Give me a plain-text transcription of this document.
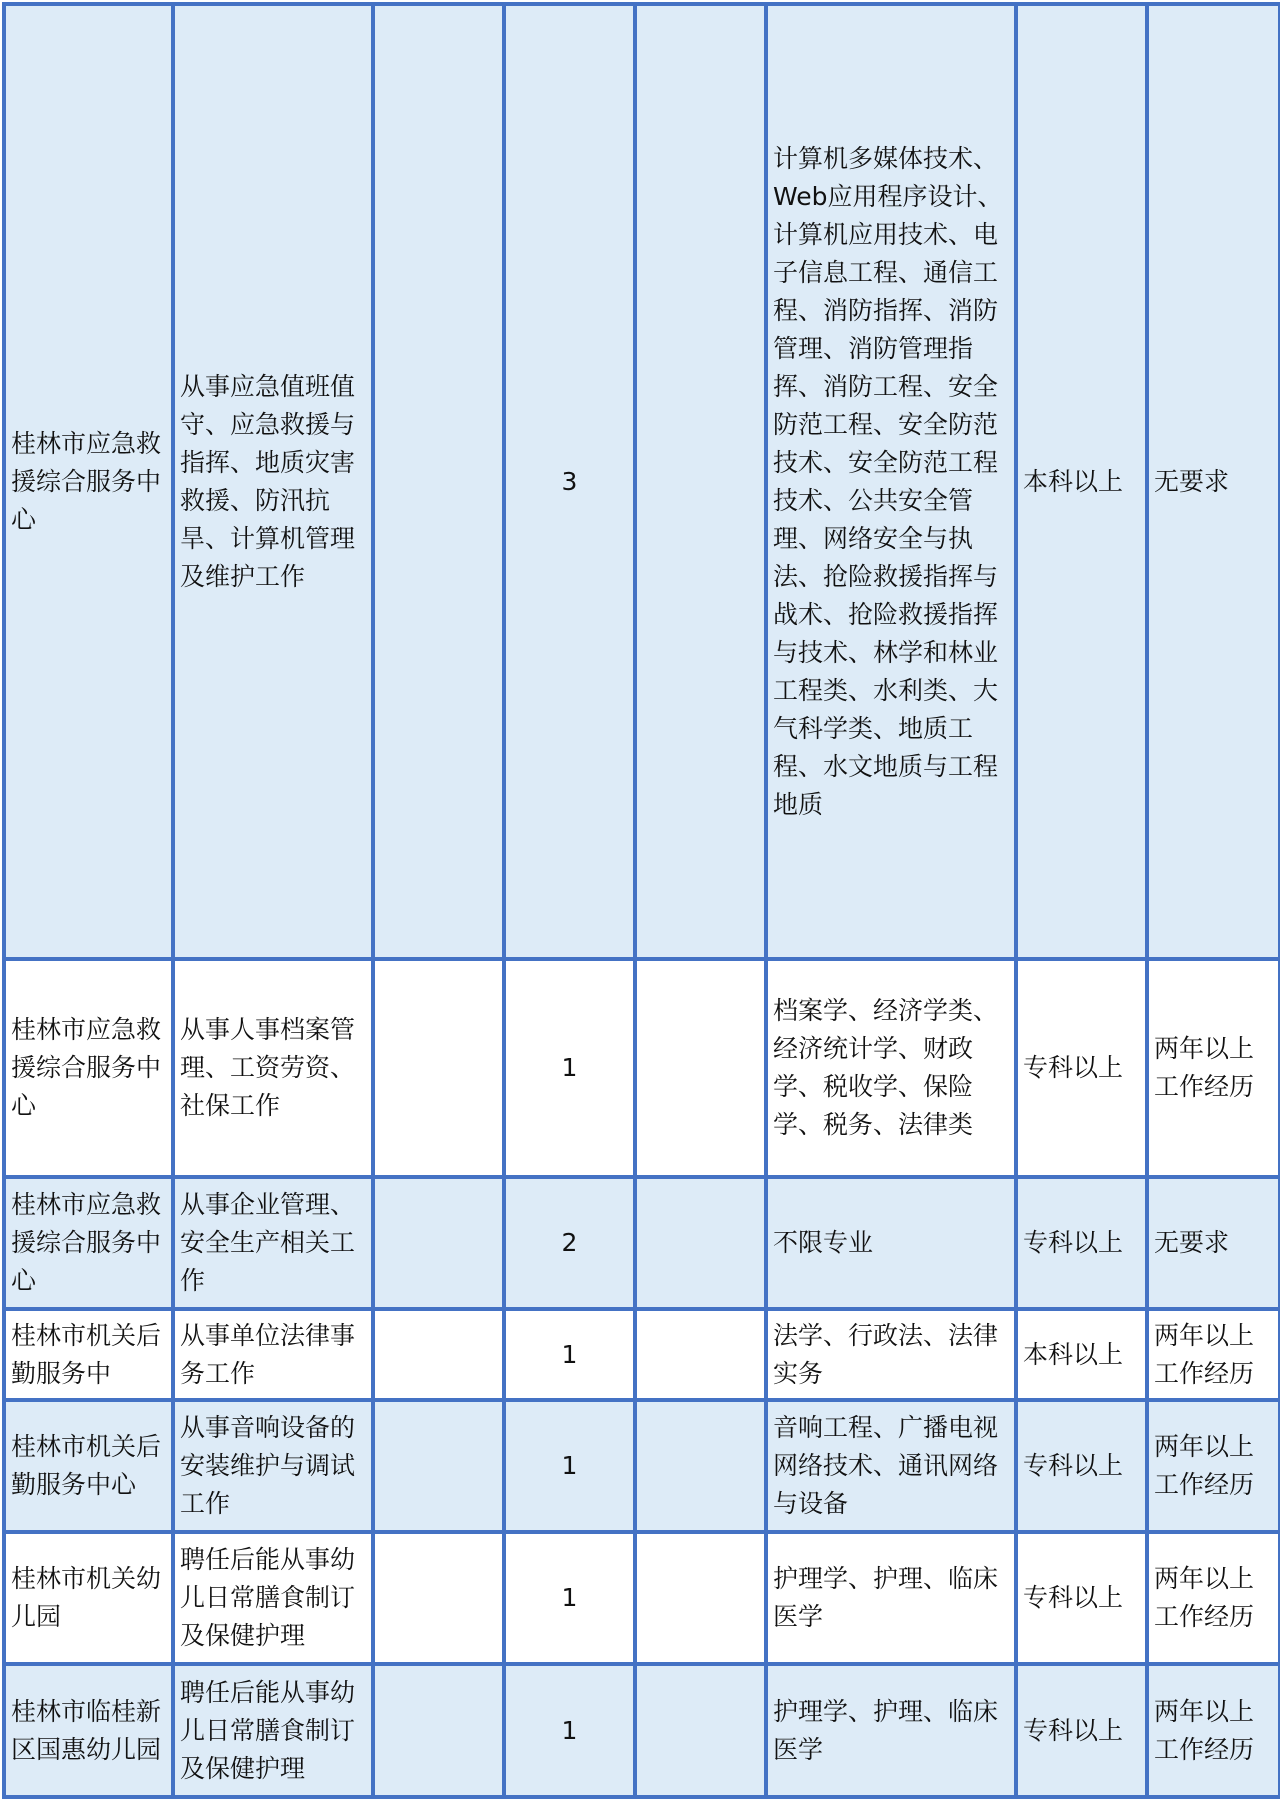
桂林市应急救援综合服务中心	从事应急值班值守、应急救援与指挥、地质灾害救援、防汛抗旱、计算机管理及维护工作		3		计算机多媒体技术、Web应用程序设计、计算机应用技术、电子信息工程、通信工程、消防指挥、消防管理、消防管理指挥、消防工程、安全防范工程、安全防范技术、安全防范工程技术、公共安全管理、网络安全与执法、抢险救援指挥与战术、抢险救援指挥与技术、林学和林业工程类、水利类、大气科学类、地质工程、水文地质与工程地质	本科以上	无要求
桂林市应急救援综合服务中心	从事人事档案管理、工资劳资、社保工作		1		档案学、经济学类、经济统计学、财政学、税收学、保险学、税务、法律类	专科以上	两年以上工作经历
桂林市应急救援综合服务中心	从事企业管理、安全生产相关工作		2		不限专业	专科以上	无要求
桂林市机关后勤服务中	从事单位法律事务工作		1		法学、行政法、法律实务	本科以上	两年以上工作经历
桂林市机关后勤服务中心	从事音响设备的安装维护与调试工作		1		音响工程、广播电视网络技术、通讯网络与设备	专科以上	两年以上工作经历
桂林市机关幼儿园	聘任后能从事幼儿日常膳食制订及保健护理		1		护理学、护理、临床医学	专科以上	两年以上工作经历
桂林市临桂新区国惠幼儿园	聘任后能从事幼儿日常膳食制订及保健护理		1		护理学、护理、临床医学	专科以上	两年以上工作经历
